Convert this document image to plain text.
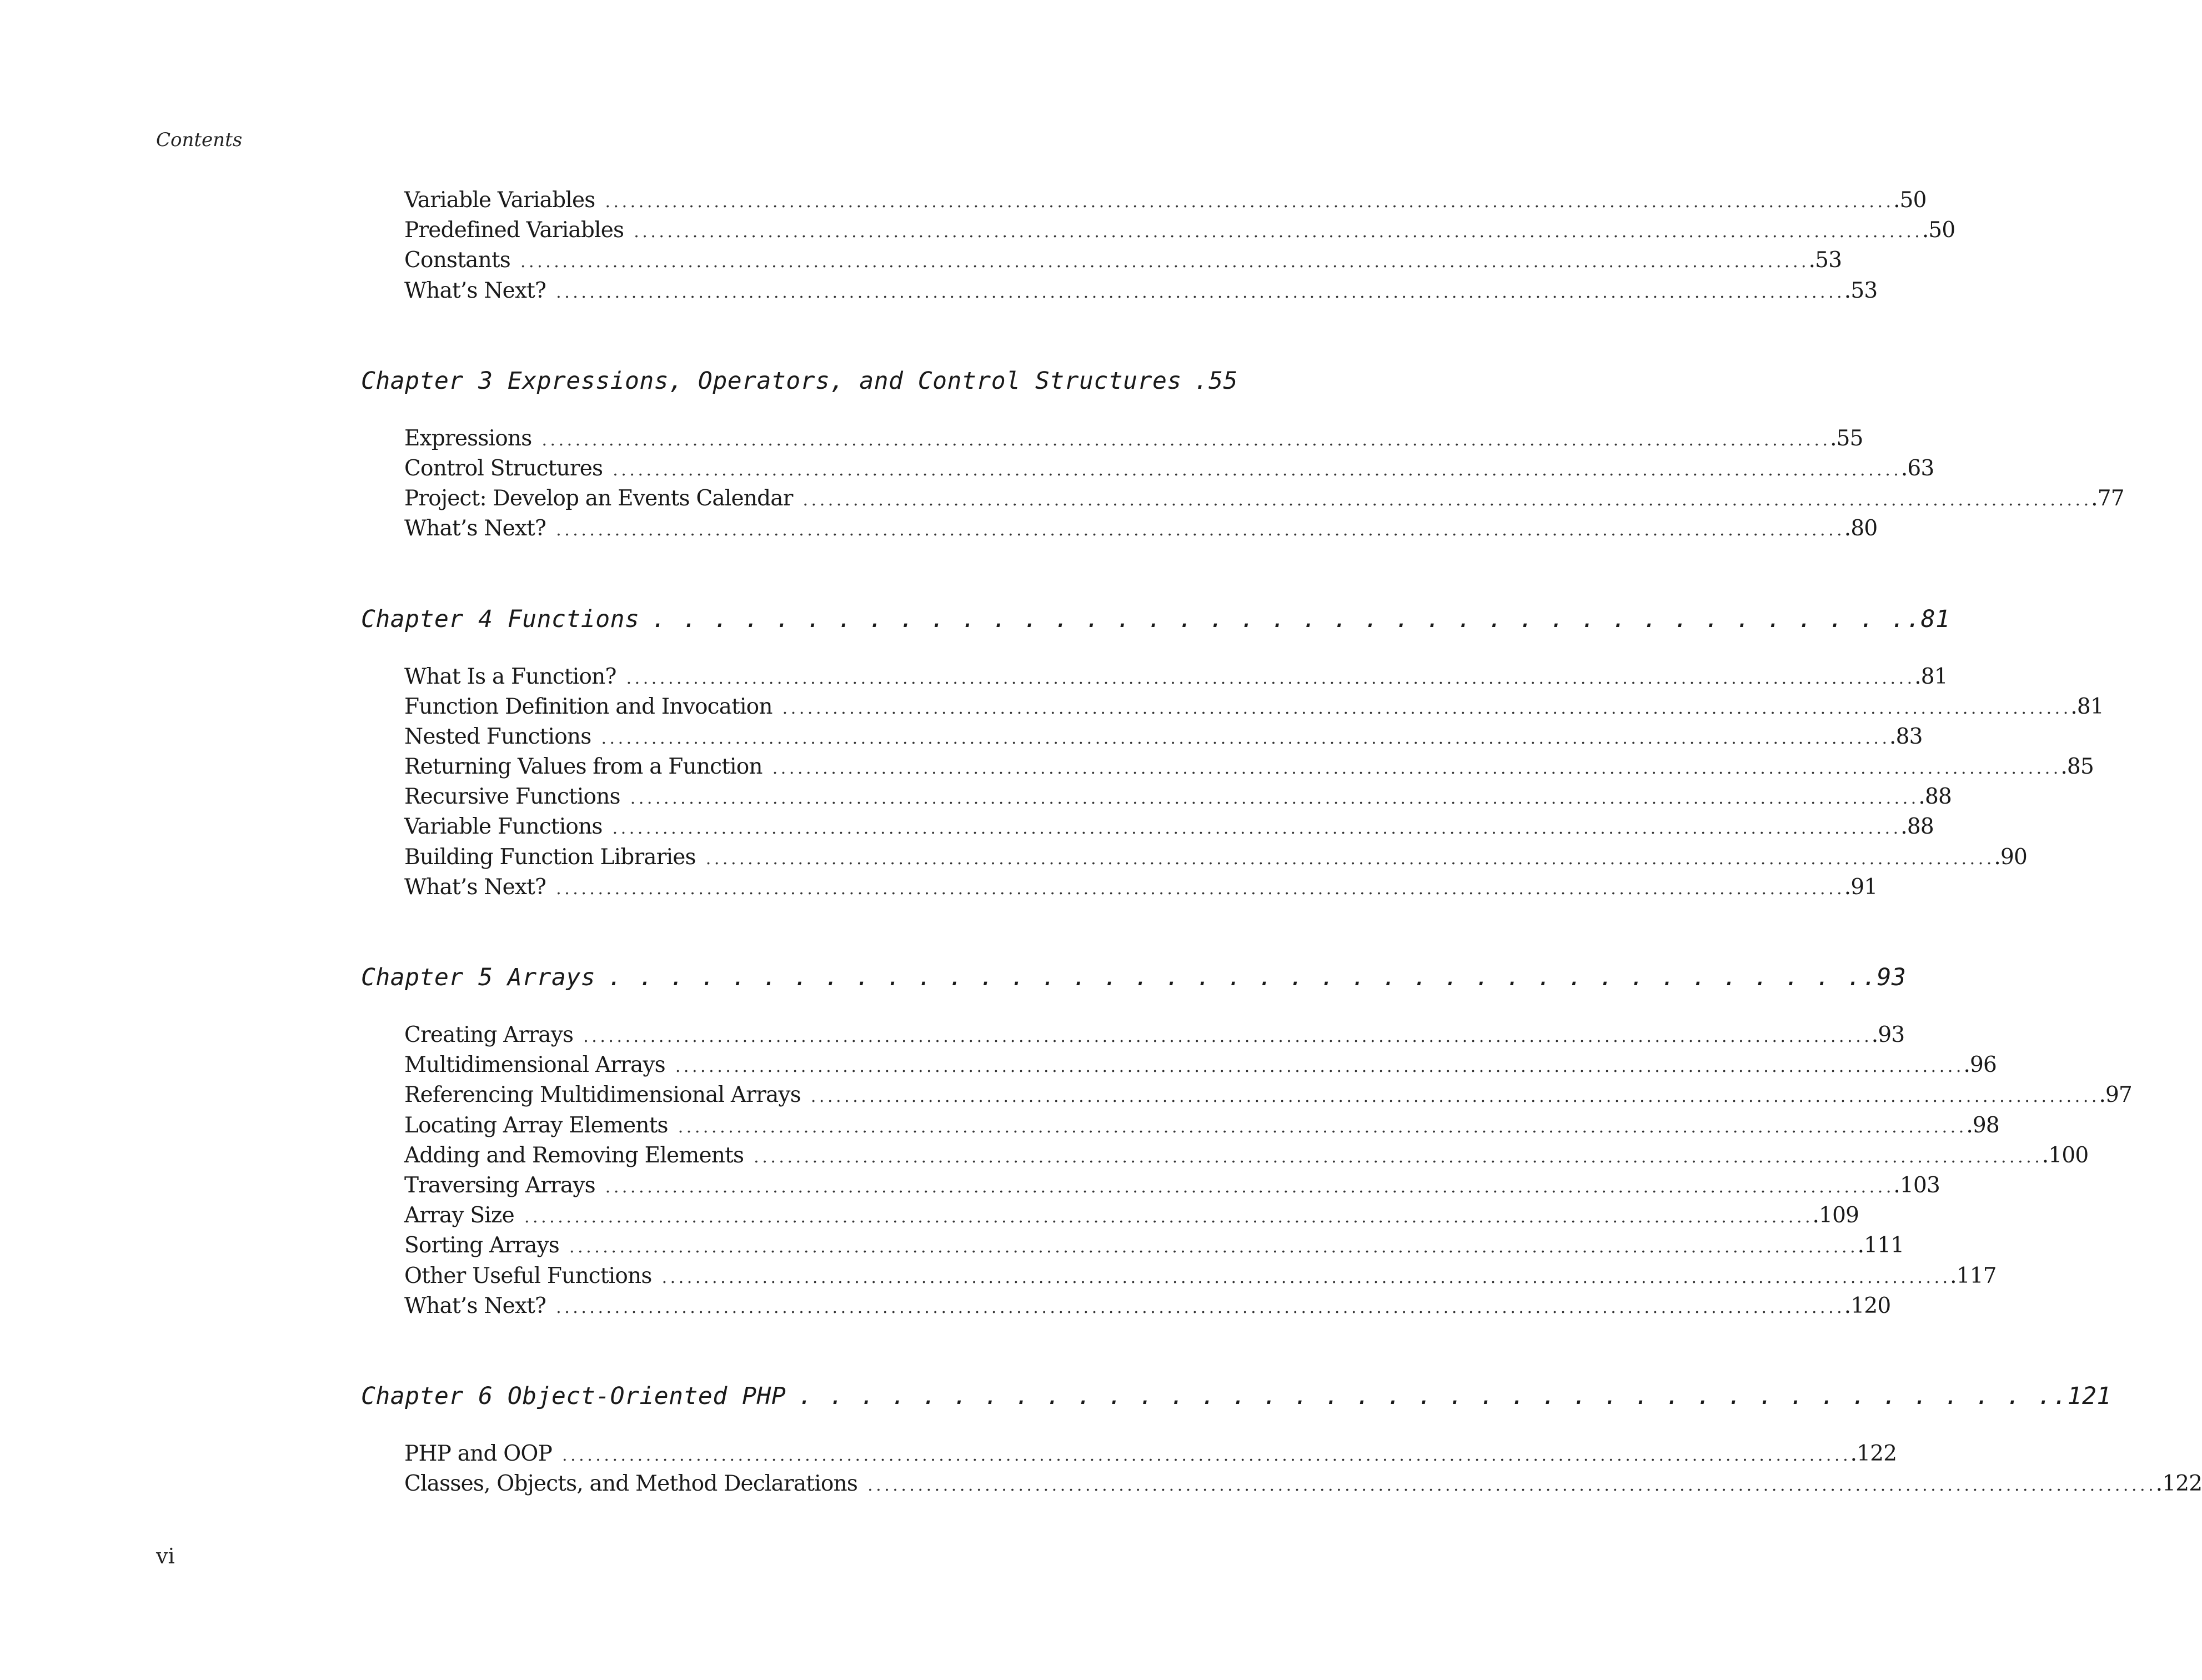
Contents
Variable Variables . . .	.50
Predefined Variables . . .	.50
Constants . . .	.53
What’s Next? . . .	.53
Chapter 3 Expressions, Operators, and Control Structures .55
Expressions . . .	.55
Control Structures . . .	.63
Project: Develop an Events Calendar . . .	.77
What’s Next? . . .	.80
Chapter 4 Functions . . .	.81
What Is a Function? . . .	.81
Function Definition and Invocation . . .	.81
Nested Functions . . .	.83
Returning Values from a Function . . .	.85
Recursive Functions . . .	.88
Variable Functions . . .	.88
Building Function Libraries . . .	.90
What’s Next? . . .	.91
Chapter 5 Arrays . . .	.93
Creating Arrays . . .	.93
Multidimensional Arrays . . .	.96
Referencing Multidimensional Arrays . . .	.97
Locating Array Elements . . .	.98
Adding and Removing Elements . . .	.100
Traversing Arrays . . .	.103
Array Size . . .	.109
Sorting Arrays . . .	.111
Other Useful Functions . . .	.117
What’s Next? . . .	.120
Chapter 6 Object-Oriented PHP . . .	.121
PHP and OOP . . .	.122
Classes, Objects, and Method Declarations . . .	.122
vi
